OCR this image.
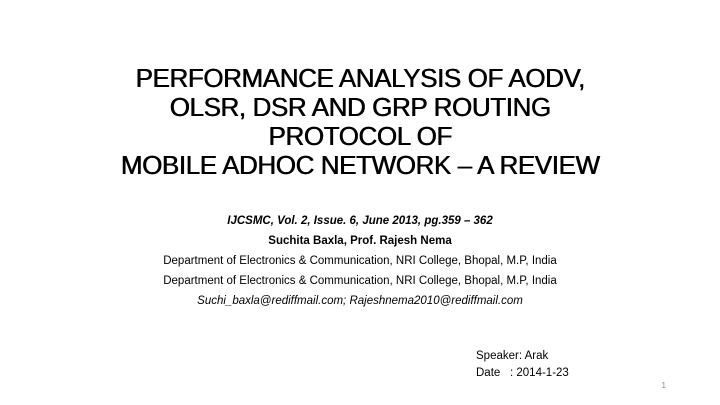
PERFORMANCE ANALYSIS OF AODV,
OLSR, DSR AND GRP ROUTING
PROTOCOL OF
MOBILE ADHOC NETWORK – A REVIEW
IJCSMC, Vol. 2, Issue. 6, June 2013, pg.359 – 362
Suchita Baxla, Prof. Rajesh Nema
Department of Electronics & Communication, NRI College, Bhopal, M.P, India
Department of Electronics & Communication, NRI College, Bhopal, M.P, India
Suchi_baxla@rediffmail.com; Rajeshnema2010@rediffmail.com
Speaker: Arak
Date : 2014-1-23
1
